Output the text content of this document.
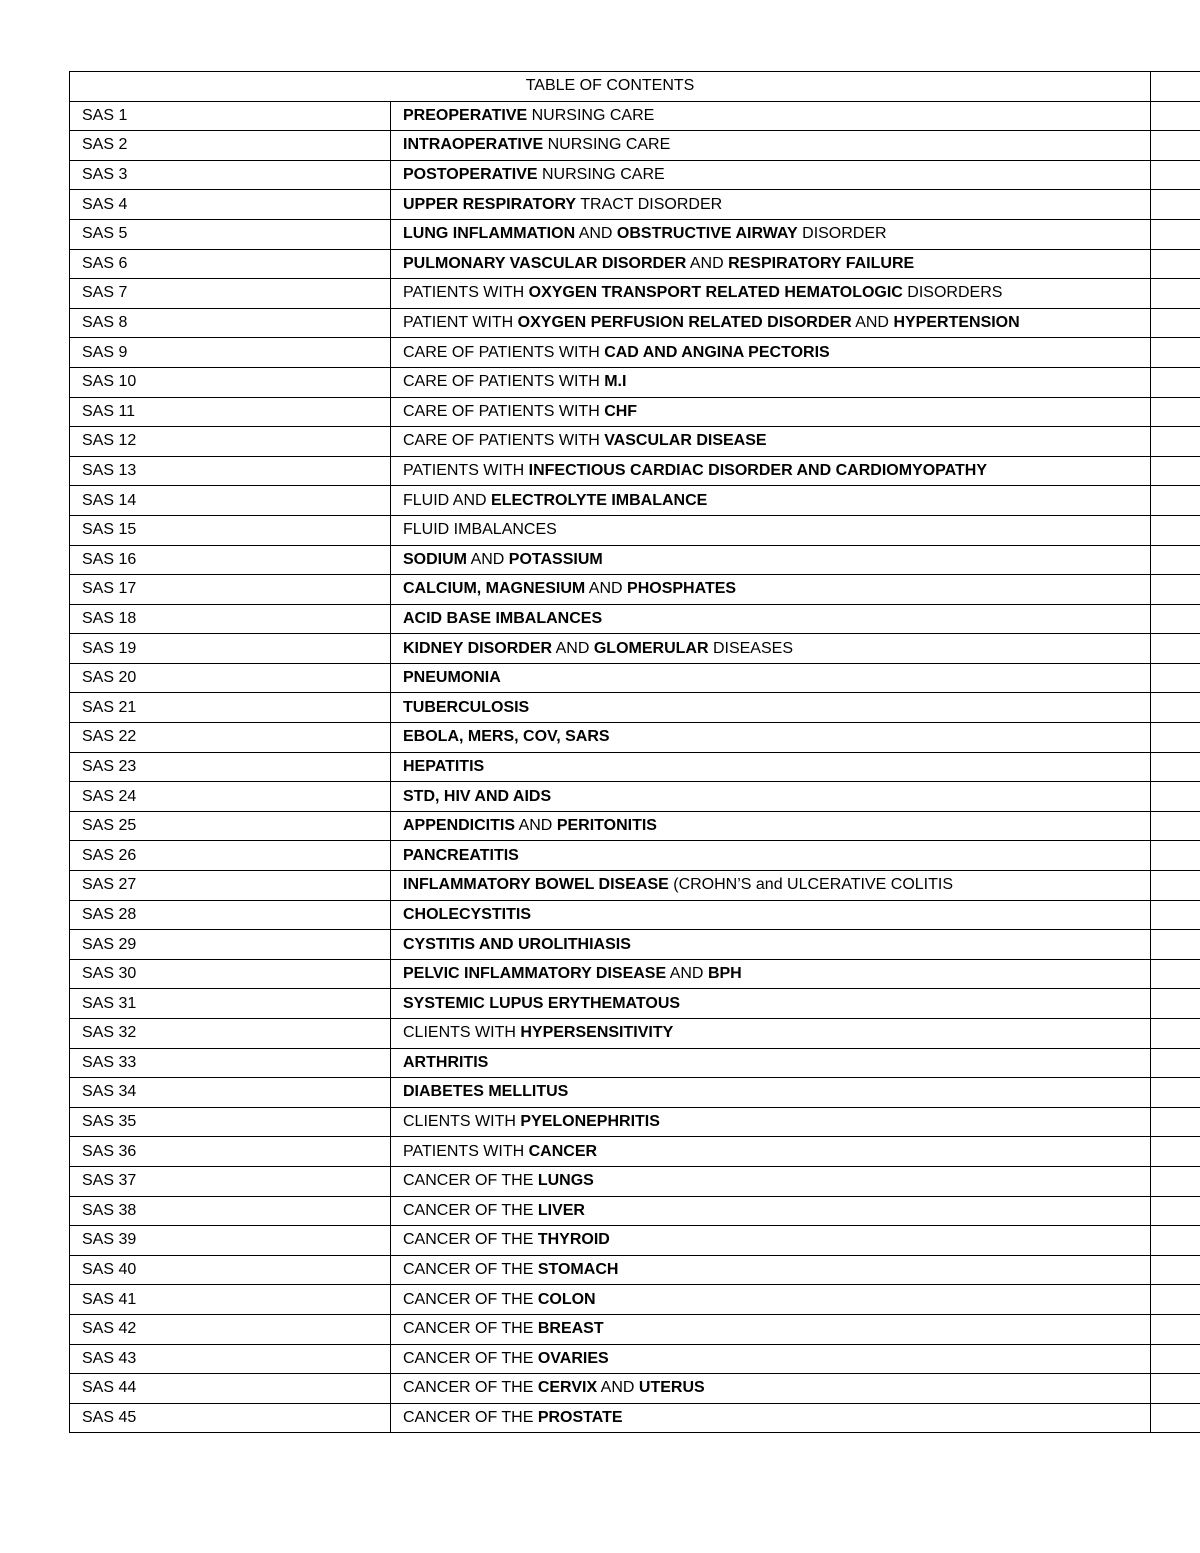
TABLE OF CONTENTS		
SAS 1	PREOPERATIVE NURSING CARE	
SAS 2	INTRAOPERATIVE NURSING CARE	
SAS 3	POSTOPERATIVE NURSING CARE	
SAS 4	UPPER RESPIRATORY TRACT DISORDER	
SAS 5	LUNG INFLAMMATION AND OBSTRUCTIVE AIRWAY DISORDER	
SAS 6	PULMONARY VASCULAR DISORDER AND RESPIRATORY FAILURE	
SAS 7	PATIENTS WITH OXYGEN TRANSPORT RELATED HEMATOLOGIC DISORDERS	
SAS 8	PATIENT WITH OXYGEN PERFUSION RELATED DISORDER AND HYPERTENSION	
SAS 9	CARE OF PATIENTS WITH CAD AND ANGINA PECTORIS	
SAS 10	CARE OF PATIENTS WITH M.I	
SAS 11	CARE OF PATIENTS WITH CHF	
SAS 12	CARE OF PATIENTS WITH VASCULAR DISEASE	
SAS 13	PATIENTS WITH INFECTIOUS CARDIAC DISORDER AND CARDIOMYOPATHY	
SAS 14	FLUID AND ELECTROLYTE IMBALANCE	
SAS 15	FLUID IMBALANCES	
SAS 16	SODIUM AND POTASSIUM	
SAS 17	CALCIUM, MAGNESIUM AND PHOSPHATES	
SAS 18	ACID BASE IMBALANCES	
SAS 19	KIDNEY DISORDER AND GLOMERULAR DISEASES	
SAS 20	PNEUMONIA	
SAS 21	TUBERCULOSIS	
SAS 22	EBOLA, MERS, COV, SARS	
SAS 23	HEPATITIS	
SAS 24	STD, HIV AND AIDS	
SAS 25	APPENDICITIS AND PERITONITIS	
SAS 26	PANCREATITIS	
SAS 27	INFLAMMATORY BOWEL DISEASE (CROHN’S and ULCERATIVE COLITIS	
SAS 28	CHOLECYSTITIS	
SAS 29	CYSTITIS AND UROLITHIASIS	
SAS 30	PELVIC INFLAMMATORY DISEASE AND BPH	
SAS 31	SYSTEMIC LUPUS ERYTHEMATOUS	
SAS 32	CLIENTS WITH HYPERSENSITIVITY	
SAS 33	ARTHRITIS	
SAS 34	DIABETES MELLITUS	
SAS 35	CLIENTS WITH PYELONEPHRITIS	
SAS 36	PATIENTS WITH CANCER	
SAS 37	CANCER OF THE LUNGS	
SAS 38	CANCER OF THE LIVER	
SAS 39	CANCER OF THE THYROID	
SAS 40	CANCER OF THE STOMACH	
SAS 41	CANCER OF THE COLON	
SAS 42	CANCER OF THE BREAST	
SAS 43	CANCER OF THE OVARIES	
SAS 44	CANCER OF THE CERVIX AND UTERUS	
SAS 45	CANCER OF THE PROSTATE	
